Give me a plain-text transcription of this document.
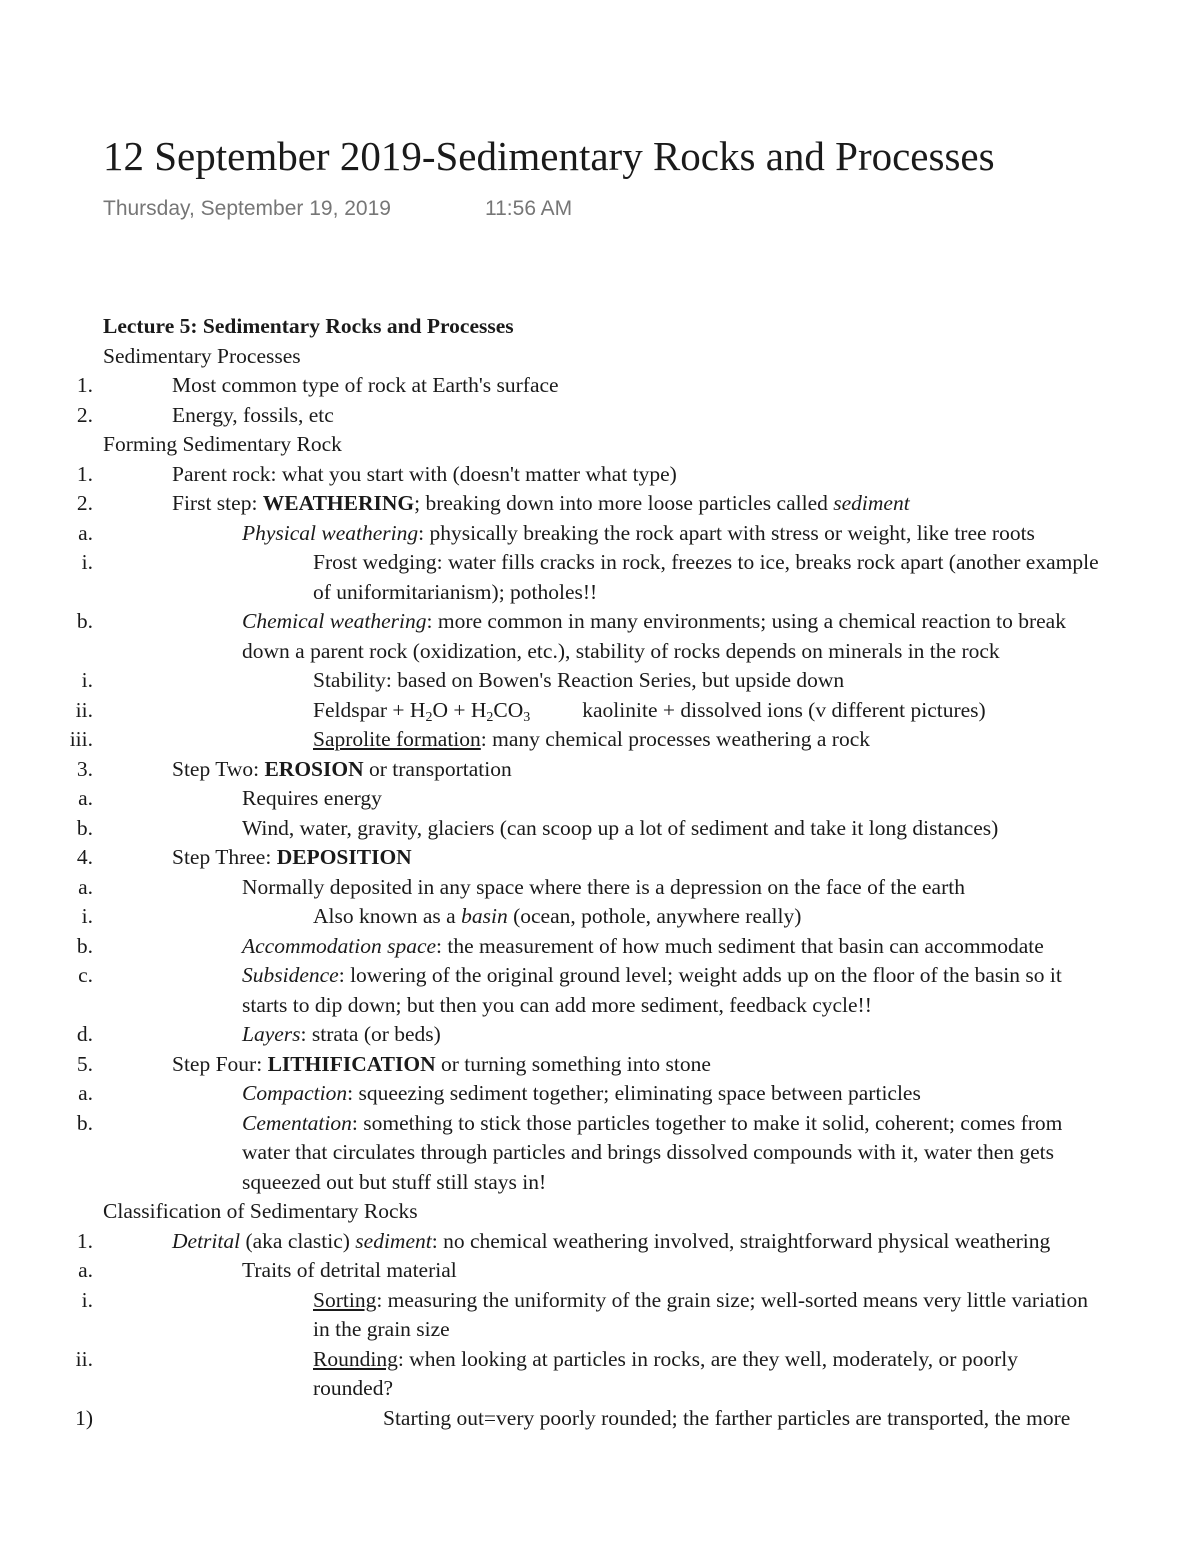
12 September 2019-Sedimentary Rocks and Processes
Thursday, September 19, 2019	11:56 AM
Lecture 5: Sedimentary Rocks and Processes
Sedimentary Processes
1.	Most common type of rock at Earth's surface
2.	Energy, fossils, etc
Forming Sedimentary Rock
1.	Parent rock: what you start with (doesn't matter what type)
2.	First step: WEATHERING; breaking down into more loose particles called sediment
a.	Physical weathering: physically breaking the rock apart with stress or weight, like tree roots
i.	Frost wedging: water fills cracks in rock, freezes to ice, breaks rock apart (another example
of uniformitarianism); potholes!!
b.	Chemical weathering: more common in many environments; using a chemical reaction to break
down a parent rock (oxidization, etc.), stability of rocks depends on minerals in the rock
i.	Stability: based on Bowen's Reaction Series, but upside down
ii.	Feldspar + $H_2O + H_2CO_3$ kaolinite + dissolved ions (v different pictures)
iii.	Saprolite formation: many chemical processes weathering a rock
3.	Step Two: EROSION or transportation
a.	Requires energy
b.	Wind, water, gravity, glaciers (can scoop up a lot of sediment and take it long distances)
4.	Step Three: DEPOSITION
a.	Normally deposited in any space where there is a depression on the face of the earth
i.	Also known as a basin (ocean, pothole, anywhere really)
b.	Accommodation space: the measurement of how much sediment that basin can accommodate
c.	Subsidence: lowering of the original ground level; weight adds up on the floor of the basin so it
starts to dip down; but then you can add more sediment, feedback cycle!!
d.	Layers: strata (or beds)
5.	Step Four: LITHIFICATION or turning something into stone
a.	Compaction: squeezing sediment together; eliminating space between particles
b.	Cementation: something to stick those particles together to make it solid, coherent; comes from
water that circulates through particles and brings dissolved compounds with it, water then gets
squeezed out but stuff still stays in!
Classification of Sedimentary Rocks
1.	Detrital (aka clastic) sediment: no chemical weathering involved, straightforward physical weathering
a.	Traits of detrital material
i.	Sorting: measuring the uniformity of the grain size; well-sorted means very little variation
in the grain size
ii.	Rounding: when looking at particles in rocks, are they well, moderately, or poorly
rounded?
1)	Starting out=very poorly rounded; the farther particles are transported, the more
